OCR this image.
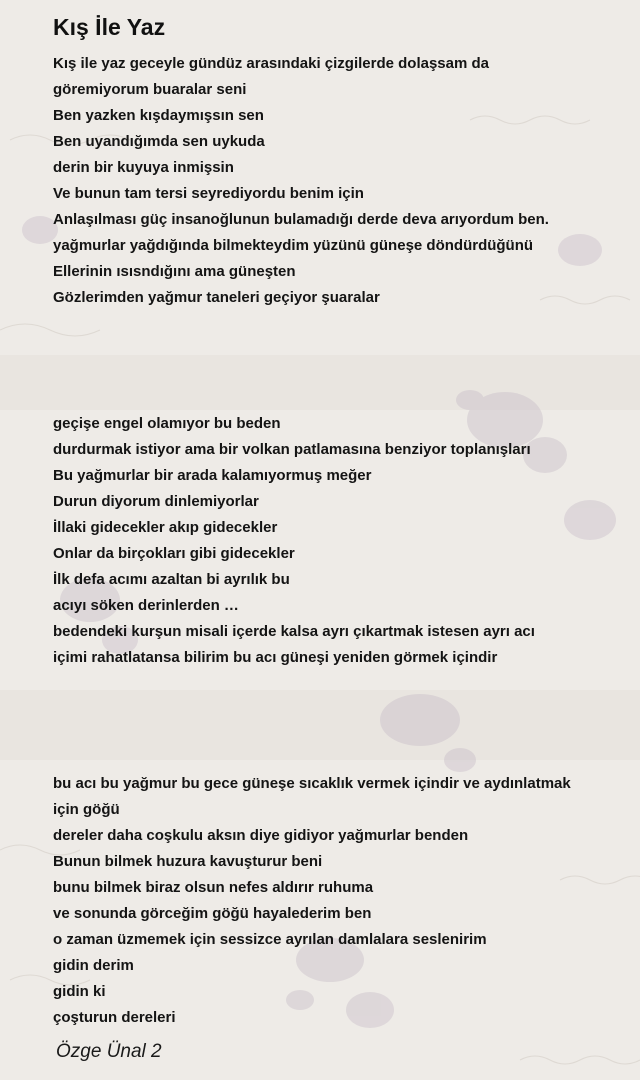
Kış İle Yaz
Kış ile yaz geceyle gündüz arasındaki çizgilerde dolaşsam da
göremiyorum buaralar seni
Ben yazken kışdaymışsın sen
Ben uyandığımda sen uykuda
derin bir kuyuya inmişsin
Ve bunun tam tersi seyrediyordu benim için
Anlaşılması güç insanoğlunun bulamadığı derde deva arıyordum ben.
yağmurlar yağdığında bilmekteydim yüzünü güneşe döndürdüğünü
Ellerinin ısısndığını ama güneşten
Gözlerimden yağmur taneleri geçiyor şuaralar
geçişe engel olamıyor bu beden
durdurmak istiyor ama bir volkan patlamasına benziyor toplanışları
Bu yağmurlar bir arada kalamıyormuş meğer
Durun diyorum dinlemiyorlar
İllaki gidecekler akıp gidecekler
Onlar da birçokları gibi gidecekler
İlk defa acımı azaltan bi ayrılık bu
acıyı söken derinlerden …
bedendeki kurşun misali içerde kalsa ayrı çıkartmak istesen ayrı acı
içimi rahatlatansa bilirim bu acı güneşi yeniden görmek içindir
bu acı bu yağmur bu gece güneşe sıcaklık vermek içindir ve aydınlatmak
için göğü
dereler daha coşkulu aksın diye gidiyor yağmurlar benden
Bunun bilmek huzura kavuşturur beni
bunu bilmek biraz olsun nefes aldırır ruhuma
ve sonunda görceğim göğü hayalederim ben
o zaman üzmemek için sessizce ayrılan damlalara seslenirim
gidin derim
gidin ki
çoşturun dereleri
Özge Ünal 2
